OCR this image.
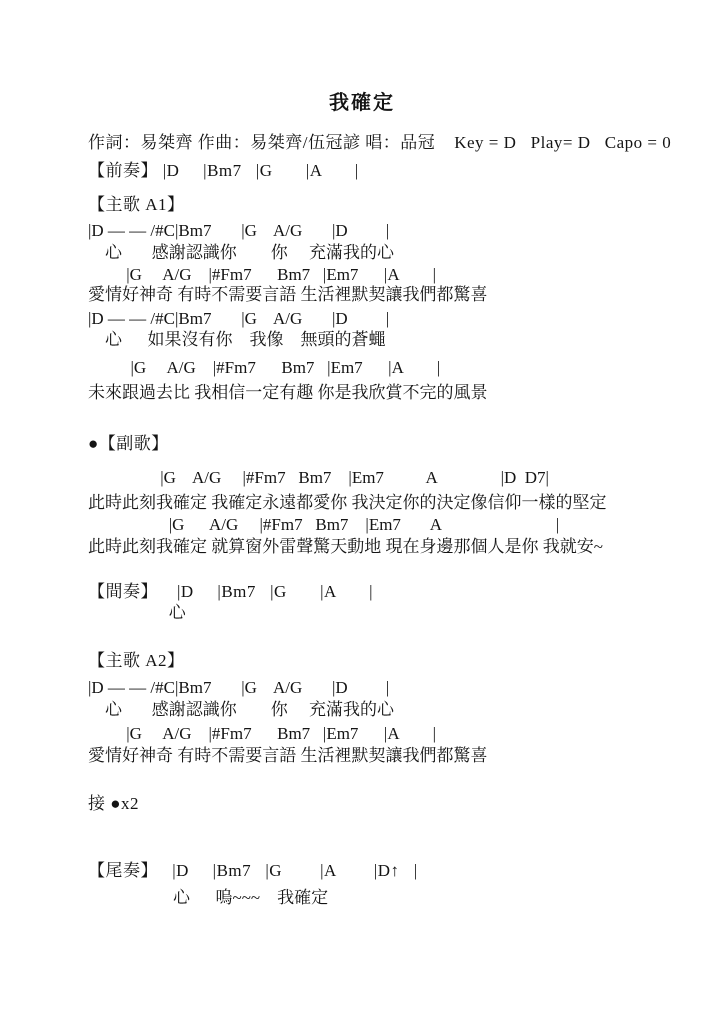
我確定
作詞：易桀齊 作曲：易桀齊/伍冠諺 唱：品冠    Key = D   Play= D   Capo = 0
【前奏】 |D     |Bm7   |G       |A       |
【主歌 A1】
|D — — /#C|Bm7       |G    A/G       |D         |
心       感謝認識你        你     充滿我的心
|G     A/G    |#Fm7      Bm7   |Em7      |A        |
愛情好神奇 有時不需要言語 生活裡默契讓我們都驚喜
|D — — /#C|Bm7       |G    A/G       |D         |
心      如果沒有你    我像    無頭的蒼蠅
|G     A/G    |#Fm7      Bm7   |Em7      |A        |
未來跟過去比 我相信一定有趣 你是我欣賞不完的風景
●【副歌】
|G    A/G     |#Fm7   Bm7    |Em7          A               |D  D7|
此時此刻我確定 我確定永遠都愛你 我決定你的決定像信仰一樣的堅定
|G      A/G     |#Fm7   Bm7    |Em7       A                           |
此時此刻我確定 就算窗外雷聲驚天動地 現在身邊那個人是你 我就安~
【間奏】    |D     |Bm7   |G       |A       |
心
【主歌 A2】
|D — — /#C|Bm7       |G    A/G       |D         |
心       感謝認識你        你     充滿我的心
|G     A/G    |#Fm7      Bm7   |Em7      |A        |
愛情好神奇 有時不需要言語 生活裡默契讓我們都驚喜
接 ●x2
【尾奏】   |D     |Bm7   |G        |A        |D↑   |
心      嗚~~~    我確定
